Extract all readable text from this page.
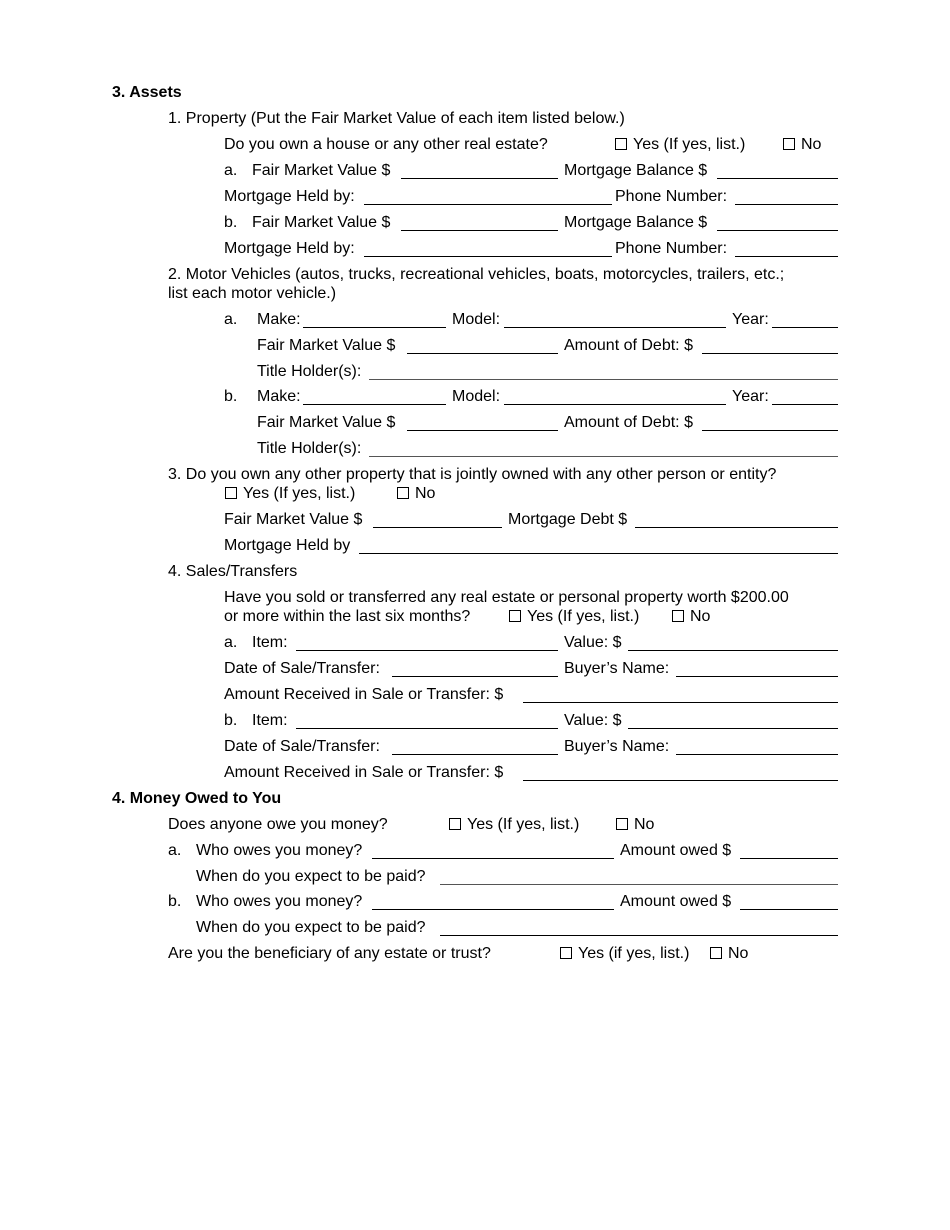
3. Assets
1. Property (Put the Fair Market Value of each item listed below.)
Do you own a house or any other real estate?	Yes (If yes, list.)	No
a. Fair Market Value $	Mortgage Balance $
Mortgage Held by:	Phone Number:
b. Fair Market Value $	Mortgage Balance $
Mortgage Held by:	Phone Number:
2. Motor Vehicles (autos, trucks, recreational vehicles, boats, motorcycles, trailers, etc.;
list each motor vehicle.)
a. Make:	Model:	Year:
Fair Market Value $	Amount of Debt: $
Title Holder(s):
b. Make:	Model:	Year:
Fair Market Value $	Amount of Debt: $
Title Holder(s):
3. Do you own any other property that is jointly owned with any other person or entity?
Yes (If yes, list.)	No
Fair Market Value $	Mortgage Debt $
Mortgage Held by
4. Sales/Transfers
Have you sold or transferred any real estate or personal property worth $200.00
or more within the last six months?	Yes (If yes, list.)	No
a. Item:	Value: $
Date of Sale/Transfer:	Buyer’s Name:
Amount Received in Sale or Transfer: $
b. Item:	Value: $
Date of Sale/Transfer:	Buyer’s Name:
Amount Received in Sale or Transfer: $
4. Money Owed to You
Does anyone owe you money?	Yes (If yes, list.)	No
a. Who owes you money?	Amount owed $
When do you expect to be paid?
b. Who owes you money?	Amount owed $
When do you expect to be paid?
Are you the beneficiary of any estate or trust?	Yes (if yes, list.)	No
